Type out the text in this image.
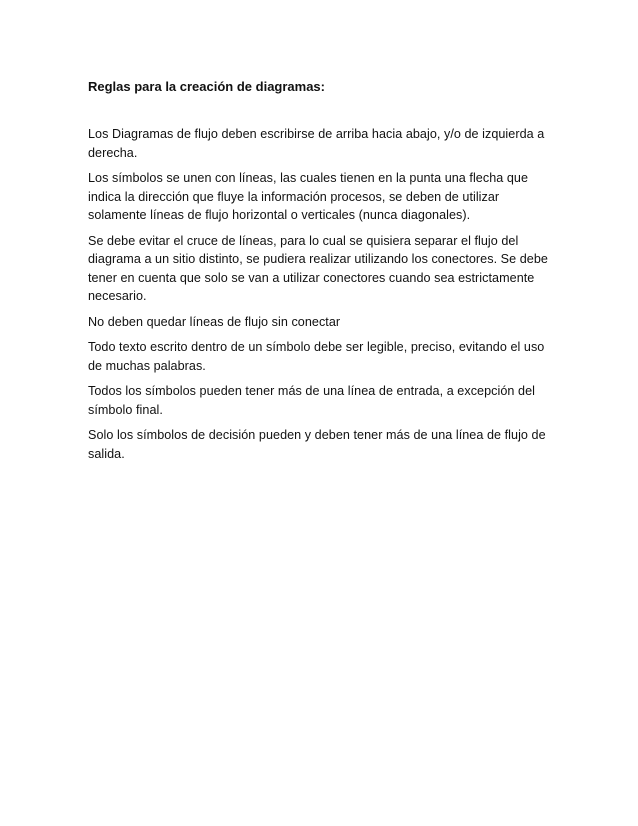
Reglas para la creación de diagramas:

Los Diagramas de flujo deben escribirse de arriba hacia abajo, y/o de izquierda a derecha.

Los símbolos se unen con líneas, las cuales tienen en la punta una flecha que indica la dirección que fluye la información procesos, se deben de utilizar solamente líneas de flujo horizontal o verticales (nunca diagonales).

Se debe evitar el cruce de líneas, para lo cual se quisiera separar el flujo del diagrama a un sitio distinto, se pudiera realizar utilizando los conectores. Se debe tener en cuenta que solo se van a utilizar conectores cuando sea estrictamente necesario.

No deben quedar líneas de flujo sin conectar

Todo texto escrito dentro de un símbolo debe ser legible, preciso, evitando el uso de muchas palabras.

Todos los símbolos pueden tener más de una línea de entrada, a excepción del símbolo final.

Solo los símbolos de decisión pueden y deben tener más de una línea de flujo de salida.
